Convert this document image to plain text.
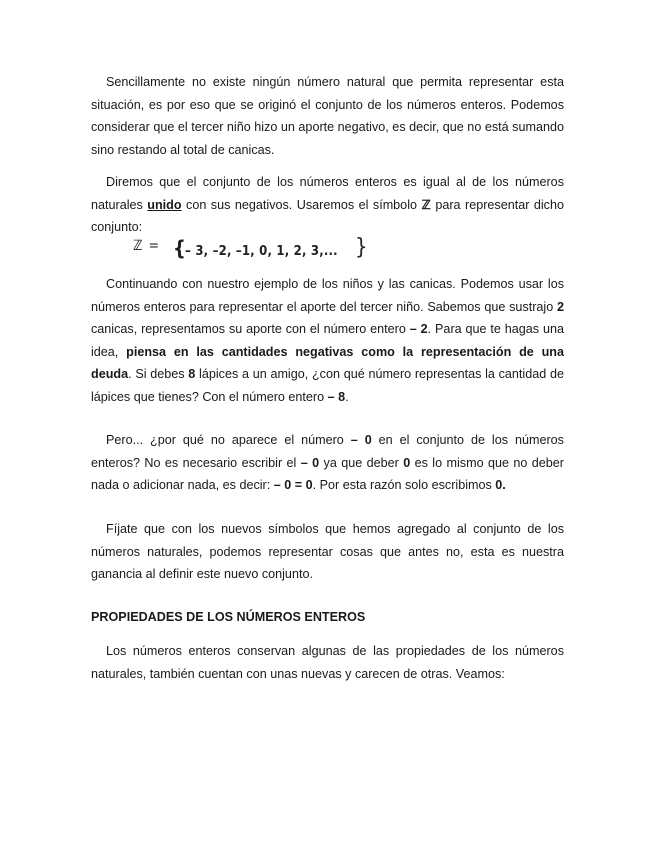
Sencillamente no existe ningún número natural que permita representar esta situación, es por eso que se originó el conjunto de los números enteros. Podemos considerar que el tercer niño hizo un aporte negativo, es decir, que no está sumando sino restando al total de canicas.

Diremos que el conjunto de los números enteros es igual al de los números naturales unido con sus negativos. Usaremos el símbolo ℤ para representar dicho conjunto:

ℤ = { – 3, –2, –1, 0, 1, 2, 3,... }

Continuando con nuestro ejemplo de los niños y las canicas. Podemos usar los números enteros para representar el aporte del tercer niño. Sabemos que sustrajo 2 canicas, representamos su aporte con el número entero – 2. Para que te hagas una idea, piensa en las cantidades negativas como la representación de una deuda. Si debes 8 lápices a un amigo, ¿con qué número representas la cantidad de lápices que tienes? Con el número entero – 8.

Pero... ¿por qué no aparece el número – 0 en el conjunto de los números enteros? No es necesario escribir el – 0 ya que deber 0 es lo mismo que no deber nada o adicionar nada, es decir: – 0 = 0. Por esta razón solo escribimos 0.

Fíjate que con los nuevos símbolos que hemos agregado al conjunto de los números naturales, podemos representar cosas que antes no, esta es nuestra ganancia al definir este nuevo conjunto.

PROPIEDADES DE LOS NÚMEROS ENTEROS

Los números enteros conservan algunas de las propiedades de los números naturales, también cuentan con unas nuevas y carecen de otras. Veamos:
